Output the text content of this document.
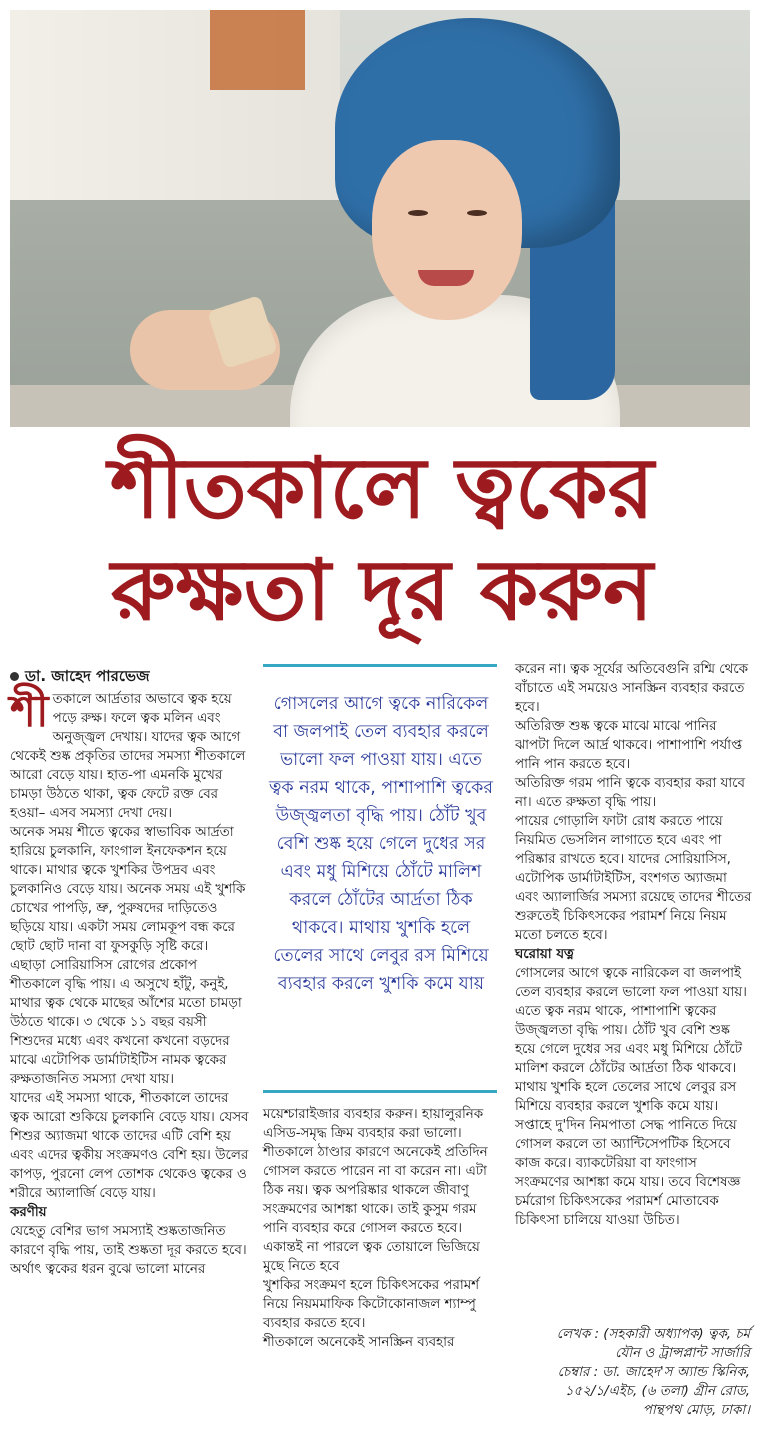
শীতকালে ত্বকের
রুক্ষতা দূর করুন
ডা. জাহেদ পারভেজ

শীতকালে আর্দ্রতার অভাবে ত্বক হয়ে পড়ে রুক্ষ। ফলে ত্বক মলিন এবং অনুজ্জ্বল দেখায়। যাদের ত্বক আগে থেকেই শুষ্ক প্রকৃতির তাদের সমস্যা শীতকালে আরো বেড়ে যায়। হাত-পা এমনকি মুখের চামড়া উঠতে থাকা, ত্বক ফেটে রক্ত বের হওয়া– এসব সমস্যা দেখা দেয়।

অনেক সময় শীতে ত্বকের স্বাভাবিক আর্দ্রতা হারিয়ে চুলকানি, ফাংগাল ইনফেকশন হয়ে থাকে। মাথার ত্বকে খুশকির উপদ্রব এবং চুলকানিও বেড়ে যায়। অনেক সময় এই খুশকি চোখের পাপড়ি, ভ্রু, পুরুষদের দাড়িতেও ছড়িয়ে যায়। একটা সময় লোমকূপ বন্ধ করে ছোট ছোট দানা বা ফুসকুড়ি সৃষ্টি করে।

এছাড়া সোরিয়াসিস রোগের প্রকোপ শীতকালে বৃদ্ধি পায়। এ অসুখে হাঁটু, কনুই, মাথার ত্বক থেকে মাছের আঁশের মতো চামড়া উঠতে থাকে। ৩ থেকে ১১ বছর বয়সী শিশুদের মধ্যে এবং কখনো কখনো বড়দের মাঝে এটোপিক ডার্মাটাইটিস নামক ত্বকের রুক্ষতাজনিত সমস্যা দেখা যায়।

যাদের এই সমস্যা থাকে, শীতকালে তাদের ত্বক আরো শুকিয়ে চুলকানি বেড়ে যায়। যেসব শিশুর অ্যাজমা থাকে তাদের এটি বেশি হয় এবং এদের ত্বকীয় সংক্রমণও বেশি হয়। উলের কাপড়, পুরনো লেপ তোশক থেকেও ত্বকের ও শরীরে অ্যালার্জি বেড়ে যায়।

করণীয়

যেহেতু বেশির ভাগ সমস্যাই শুষ্কতাজনিত কারণে বৃদ্ধি পায়, তাই শুষ্কতা দূর করতে হবে। অর্থাৎ ত্বকের ধরন বুঝে ভালো মানের

গোসলের আগে ত্বকে নারিকেল বা জলপাই তেল ব্যবহার করলে ভালো ফল পাওয়া যায়। এতে ত্বক নরম থাকে, পাশাপাশি ত্বকের উজ্জ্বলতা বৃদ্ধি পায়। ঠোঁট খুব বেশি শুষ্ক হয়ে গেলে দুধের সর এবং মধু মিশিয়ে ঠোঁটে মালিশ করলে ঠোঁটের আর্দ্রতা ঠিক থাকবে। মাথায় খুশকি হলে তেলের সাথে লেবুর রস মিশিয়ে ব্যবহার করলে খুশকি কমে যায়

ময়েশ্চারাইজার ব্যবহার করুন। হায়ালুরনিক এসিড-সমৃদ্ধ ক্রিম ব্যবহার করা ভালো।

শীতকালে ঠাণ্ডার কারণে অনেকেই প্রতিদিন গোসল করতে পারেন না বা করেন না। এটা ঠিক নয়। ত্বক অপরিষ্কার থাকলে জীবাণু সংক্রমণের আশঙ্কা থাকে। তাই কুসুম গরম পানি ব্যবহার করে গোসল করতে হবে। একান্তই না পারলে ত্বক তোয়ালে ভিজিয়ে মুছে নিতে হবে

খুশকির সংক্রমণ হলে চিকিৎসকের পরামর্শ নিয়ে নিয়মমাফিক কিটোকোনাজল শ্যাম্পু ব্যবহার করতে হবে।

শীতকালে অনেকেই সানস্ক্রিন ব্যবহার

করেন না। ত্বক সূর্যের অতিবেগুনি রশ্মি থেকে বাঁচাতে এই সময়েও সানস্ক্রিন ব্যবহার করতে হবে।

অতিরিক্ত শুষ্ক ত্বকে মাঝে মাঝে পানির ঝাপটা দিলে আর্দ্র থাকবে। পাশাপাশি পর্যাপ্ত পানি পান করতে হবে।

অতিরিক্ত গরম পানি ত্বকে ব্যবহার করা যাবে না। এতে রুক্ষতা বৃদ্ধি পায়।

পায়ের গোড়ালি ফাটা রোধ করতে পায়ে নিয়মিত ভেসলিন লাগাতে হবে এবং পা পরিষ্কার রাখতে হবে। যাদের সোরিয়াসিস, এটোপিক ডার্মাটাইটিস, বংশগত অ্যাজমা এবং অ্যালার্জির সমস্যা রয়েছে তাদের শীতের শুরুতেই চিকিৎসকের পরামর্শ নিয়ে নিয়ম মতো চলতে হবে।

ঘরোয়া যত্ন

গোসলের আগে ত্বকে নারিকেল বা জলপাই তেল ব্যবহার করলে ভালো ফল পাওয়া যায়। এতে ত্বক নরম থাকে, পাশাপাশি ত্বকের উজ্জ্বলতা বৃদ্ধি পায়। ঠোঁট খুব বেশি শুষ্ক হয়ে গেলে দুধের সর এবং মধু মিশিয়ে ঠোঁটে মালিশ করলে ঠোঁটের আর্দ্রতা ঠিক থাকবে। মাথায় খুশকি হলে তেলের সাথে লেবুর রস মিশিয়ে ব্যবহার করলে খুশকি কমে যায়। সপ্তাহে দু'দিন নিমপাতা সেদ্ধ পানিতে দিয়ে গোসল করলে তা অ্যান্টিসেপটিক হিসেবে কাজ করে। ব্যাকটেরিয়া বা ফাংগাস সংক্রমণের আশঙ্কা কমে যায়। তবে বিশেষজ্ঞ চর্মরোগ চিকিৎসকের পরামর্শ মোতাবেক চিকিৎসা চালিয়ে যাওয়া উচিত।

লেখক : (সহকারী অধ্যাপক) ত্বক, চর্ম
যৌন ও ট্রান্সপ্লান্ট সার্জারি
চেম্বার : ডা. জাহেদ'স অ্যান্ড স্কিনিক,
১৫২/১/এইচ, (৬ তলা) গ্রীন রোড,
পান্থপথ মোড়, ঢাকা।
